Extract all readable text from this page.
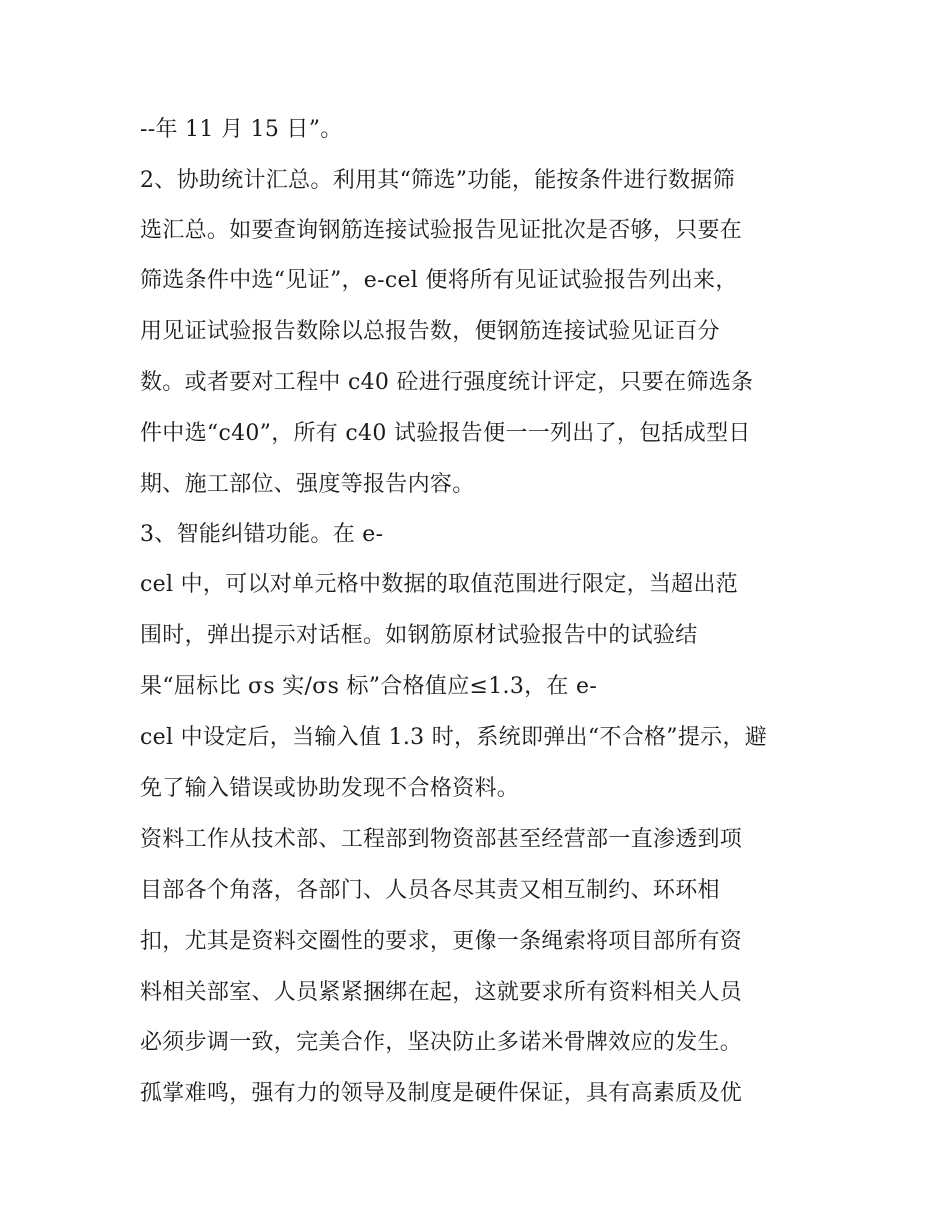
--年 11 月 15 日”。
2、协助统计汇总。利用其“筛选”功能，能按条件进行数据筛
选汇总。如要查询钢筋连接试验报告见证批次是否够，只要在
筛选条件中选“见证”，e-cel 便将所有见证试验报告列出来，
用见证试验报告数除以总报告数，便钢筋连接试验见证百分
数。或者要对工程中 c40 砼进行强度统计评定，只要在筛选条
件中选“c40”，所有 c40 试验报告便一一列出了，包括成型日
期、施工部位、强度等报告内容。
3、智能纠错功能。在 e-
cel 中，可以对单元格中数据的取值范围进行限定，当超出范
围时，弹出提示对话框。如钢筋原材试验报告中的试验结
果“屈标比 σs 实/σs 标”合格值应≤1.3，在 e-
cel 中设定后，当输入值 1.3 时，系统即弹出“不合格”提示，避
免了输入错误或协助发现不合格资料。
资料工作从技术部、工程部到物资部甚至经营部一直渗透到项
目部各个角落，各部门、人员各尽其责又相互制约、环环相
扣，尤其是资料交圈性的要求，更像一条绳索将项目部所有资
料相关部室、人员紧紧捆绑在起，这就要求所有资料相关人员
必须步调一致，完美合作，坚决防止多诺米骨牌效应的发生。
孤掌难鸣，强有力的领导及制度是硬件保证，具有高素质及优
